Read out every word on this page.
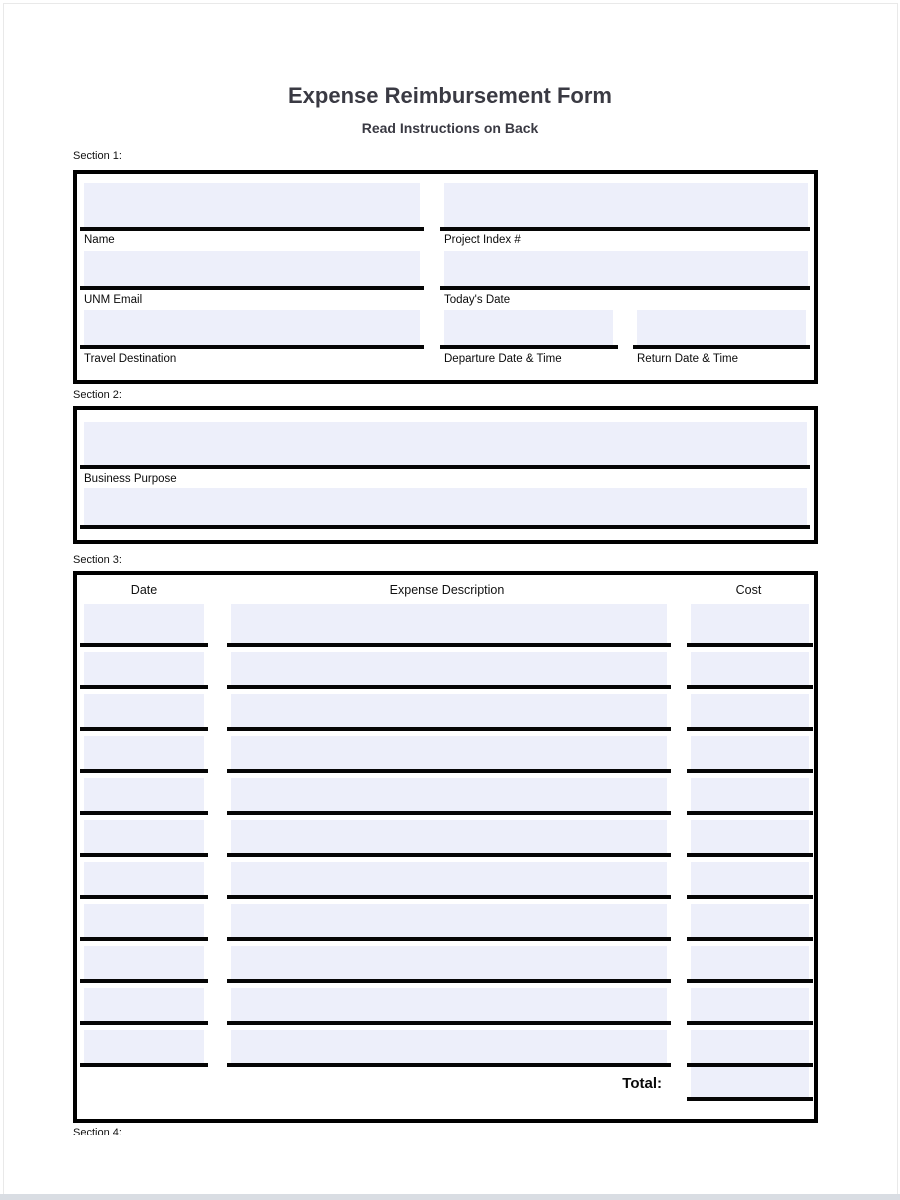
Expense Reimbursement Form
Read Instructions on Back
Section 1:
Name	Project Index #
UNM Email	Today's Date
Travel Destination	Departure Date & Time	Return Date & Time
Section 2:
Business Purpose
Section 3:
Date	Expense Description	Cost
Total:
Section 4:
